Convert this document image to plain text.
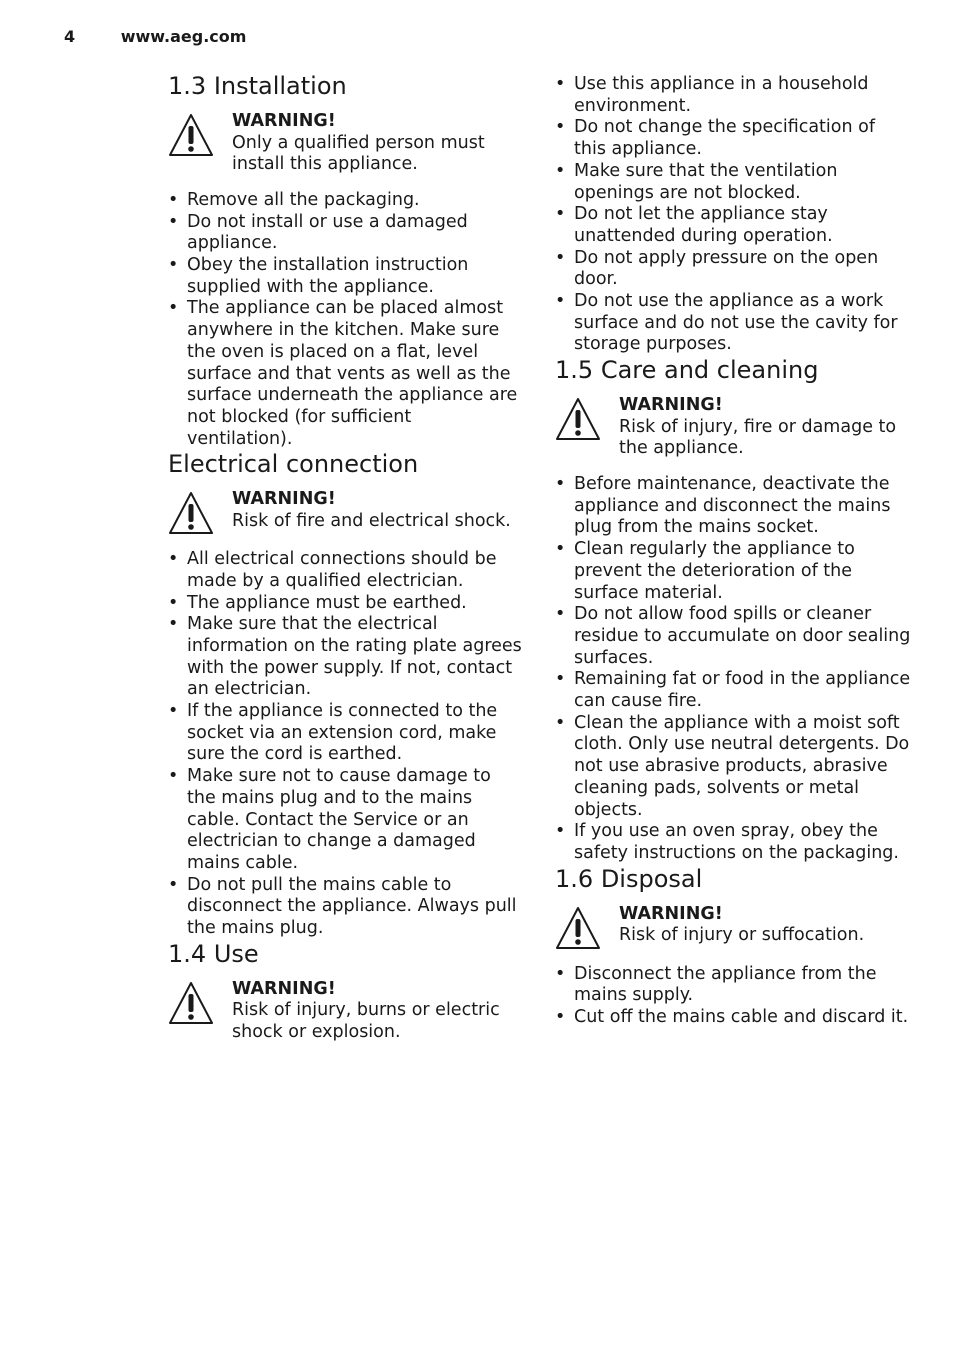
4	www.aeg.com
1.3 Installation
WARNING!
Only a qualified person must install this appliance.
• Remove all the packaging.
• Do not install or use a damaged appliance.
• Obey the installation instruction supplied with the appliance.
• The appliance can be placed almost anywhere in the kitchen. Make sure the oven is placed on a flat, level surface and that vents as well as the surface underneath the appliance are not blocked (for sufficient ventilation).
Electrical connection
WARNING!
Risk of fire and electrical shock.
• All electrical connections should be made by a qualified electrician.
• The appliance must be earthed.
• Make sure that the electrical information on the rating plate agrees with the power supply. If not, contact an electrician.
• If the appliance is connected to the socket via an extension cord, make sure the cord is earthed.
• Make sure not to cause damage to the mains plug and to the mains cable. Contact the Service or an electrician to change a damaged mains cable.
• Do not pull the mains cable to disconnect the appliance. Always pull the mains plug.
1.4 Use
WARNING!
Risk of injury, burns or electric shock or explosion.
• Use this appliance in a household environment.
• Do not change the specification of this appliance.
• Make sure that the ventilation openings are not blocked.
• Do not let the appliance stay unattended during operation.
• Do not apply pressure on the open door.
• Do not use the appliance as a work surface and do not use the cavity for storage purposes.
1.5 Care and cleaning
WARNING!
Risk of injury, fire or damage to the appliance.
• Before maintenance, deactivate the appliance and disconnect the mains plug from the mains socket.
• Clean regularly the appliance to prevent the deterioration of the surface material.
• Do not allow food spills or cleaner residue to accumulate on door sealing surfaces.
• Remaining fat or food in the appliance can cause fire.
• Clean the appliance with a moist soft cloth. Only use neutral detergents. Do not use abrasive products, abrasive cleaning pads, solvents or metal objects.
• If you use an oven spray, obey the safety instructions on the packaging.
1.6 Disposal
WARNING!
Risk of injury or suffocation.
• Disconnect the appliance from the mains supply.
• Cut off the mains cable and discard it.
